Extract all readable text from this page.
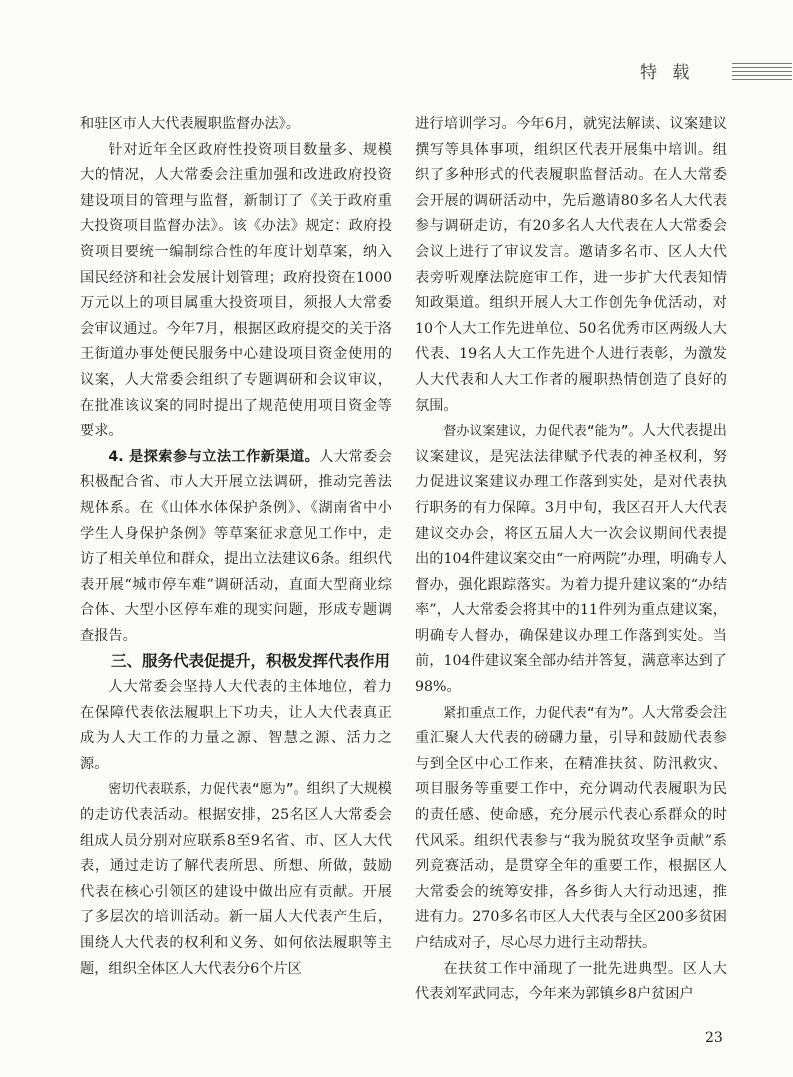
特 载

和驻区市人大代表履职监督办法》。

针对近年全区政府性投资项目数量多、规模大的情况，人大常委会注重加强和改进政府投资建设项目的管理与监督，新制订了《关于政府重大投资项目监督办法》。该《办法》规定：政府投资项目要统一编制综合性的年度计划草案，纳入国民经济和社会发展计划管理；政府投资在1000万元以上的项目属重大投资项目，须报人大常委会审议通过。今年7月，根据区政府提交的关于洛王街道办事处便民服务中心建设项目资金使用的议案，人大常委会组织了专题调研和会议审议，在批准该议案的同时提出了规范使用项目资金等要求。

4. 是探索参与立法工作新渠道。人大常委会积极配合省、市人大开展立法调研，推动完善法规体系。在《山体水体保护条例》、《湖南省中小学生人身保护条例》等草案征求意见工作中，走访了相关单位和群众，提出立法建议6条。组织代表开展“城市停车难”调研活动，直面大型商业综合体、大型小区停车难的现实问题，形成专题调查报告。

三、服务代表促提升，积极发挥代表作用

人大常委会坚持人大代表的主体地位，着力在保障代表依法履职上下功夫，让人大代表真正成为人大工作的力量之源、智慧之源、活力之源。

密切代表联系，力促代表“愿为”。组织了大规模的走访代表活动。根据安排，25名区人大常委会组成人员分别对应联系8至9名省、市、区人大代表，通过走访了解代表所思、所想、所做，鼓励代表在核心引领区的建设中做出应有贡献。开展了多层次的培训活动。新一届人大代表产生后，围绕人大代表的权利和义务、如何依法履职等主题，组织全体区人大代表分6个片区

进行培训学习。今年6月，就宪法解读、议案建议撰写等具体事项，组织区代表开展集中培训。组织了多种形式的代表履职监督活动。在人大常委会开展的调研活动中，先后邀请80多名人大代表参与调研走访，有20多名人大代表在人大常委会会议上进行了审议发言。邀请多名市、区人大代表旁听观摩法院庭审工作，进一步扩大代表知情知政渠道。组织开展人大工作创先争优活动，对10个人大工作先进单位、50名优秀市区两级人大代表、19名人大工作先进个人进行表彰，为激发人大代表和人大工作者的履职热情创造了良好的氛围。

督办议案建议，力促代表“能为”。人大代表提出议案建议，是宪法法律赋予代表的神圣权利，努力促进议案建议办理工作落到实处，是对代表执行职务的有力保障。3月中旬，我区召开人大代表建议交办会，将区五届人大一次会议期间代表提出的104件建议案交由“一府两院”办理，明确专人督办，强化跟踪落实。为着力提升建议案的“办结率”，人大常委会将其中的11件列为重点建议案，明确专人督办，确保建议办理工作落到实处。当前，104件建议案全部办结并答复，满意率达到了98%。

紧扣重点工作，力促代表“有为”。人大常委会注重汇聚人大代表的磅礴力量，引导和鼓励代表参与到全区中心工作来，在精准扶贫、防汛救灾、项目服务等重要工作中，充分调动代表履职为民的责任感、使命感，充分展示代表心系群众的时代风采。组织代表参与“我为脱贫攻坚争贡献”系列竞赛活动，是贯穿全年的重要工作，根据区人大常委会的统筹安排，各乡街人大行动迅速，推进有力。270多名市区人大代表与全区200多贫困户结成对子，尽心尽力进行主动帮扶。

在扶贫工作中涌现了一批先进典型。区人大代表刘军武同志，今年来为郭镇乡8户贫困户

23
